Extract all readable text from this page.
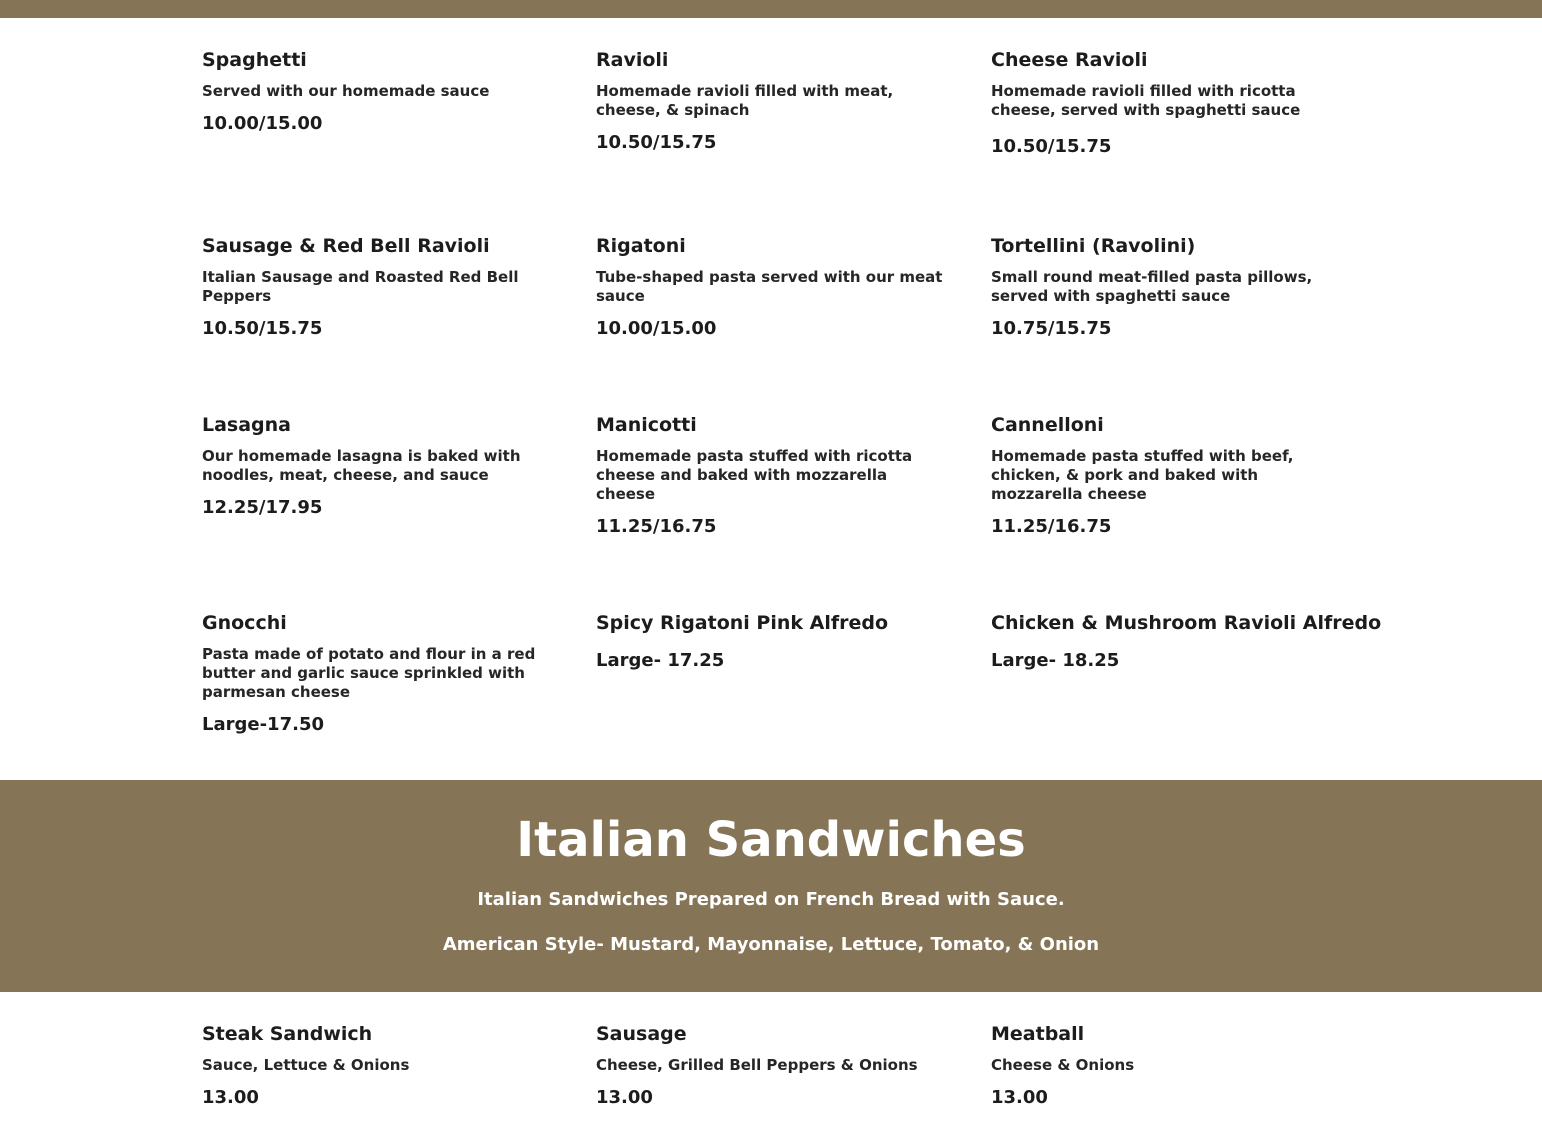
Spaghetti

Served with our homemade sauce

10.00/15.00

Ravioli

Homemade ravioli filled with meat, cheese, & spinach

10.50/15.75

Cheese Ravioli

Homemade ravioli filled with ricotta cheese, served with spaghetti sauce

10.50/15.75

Sausage & Red Bell Ravioli

Italian Sausage and Roasted Red Bell Peppers

10.50/15.75

Rigatoni

Tube-shaped pasta served with our meat sauce

10.00/15.00

Tortellini (Ravolini)

Small round meat-filled pasta pillows, served with spaghetti sauce

10.75/15.75

Lasagna

Our homemade lasagna is baked with noodles, meat, cheese, and sauce

12.25/17.95

Manicotti

Homemade pasta stuffed with ricotta cheese and baked with mozzarella cheese

11.25/16.75

Cannelloni

Homemade pasta stuffed with beef, chicken, & pork and baked with mozzarella cheese

11.25/16.75

Gnocchi

Pasta made of potato and flour in a red butter and garlic sauce sprinkled with parmesan cheese

Large-17.50

Spicy Rigatoni Pink Alfredo

Large- 17.25

Chicken & Mushroom Ravioli Alfredo

Large- 18.25

Italian Sandwiches

Italian Sandwiches Prepared on French Bread with Sauce.

American Style- Mustard, Mayonnaise, Lettuce, Tomato, & Onion

Steak Sandwich

Sauce, Lettuce & Onions

13.00

Sausage

Cheese, Grilled Bell Peppers & Onions

13.00

Meatball

Cheese & Onions

13.00
